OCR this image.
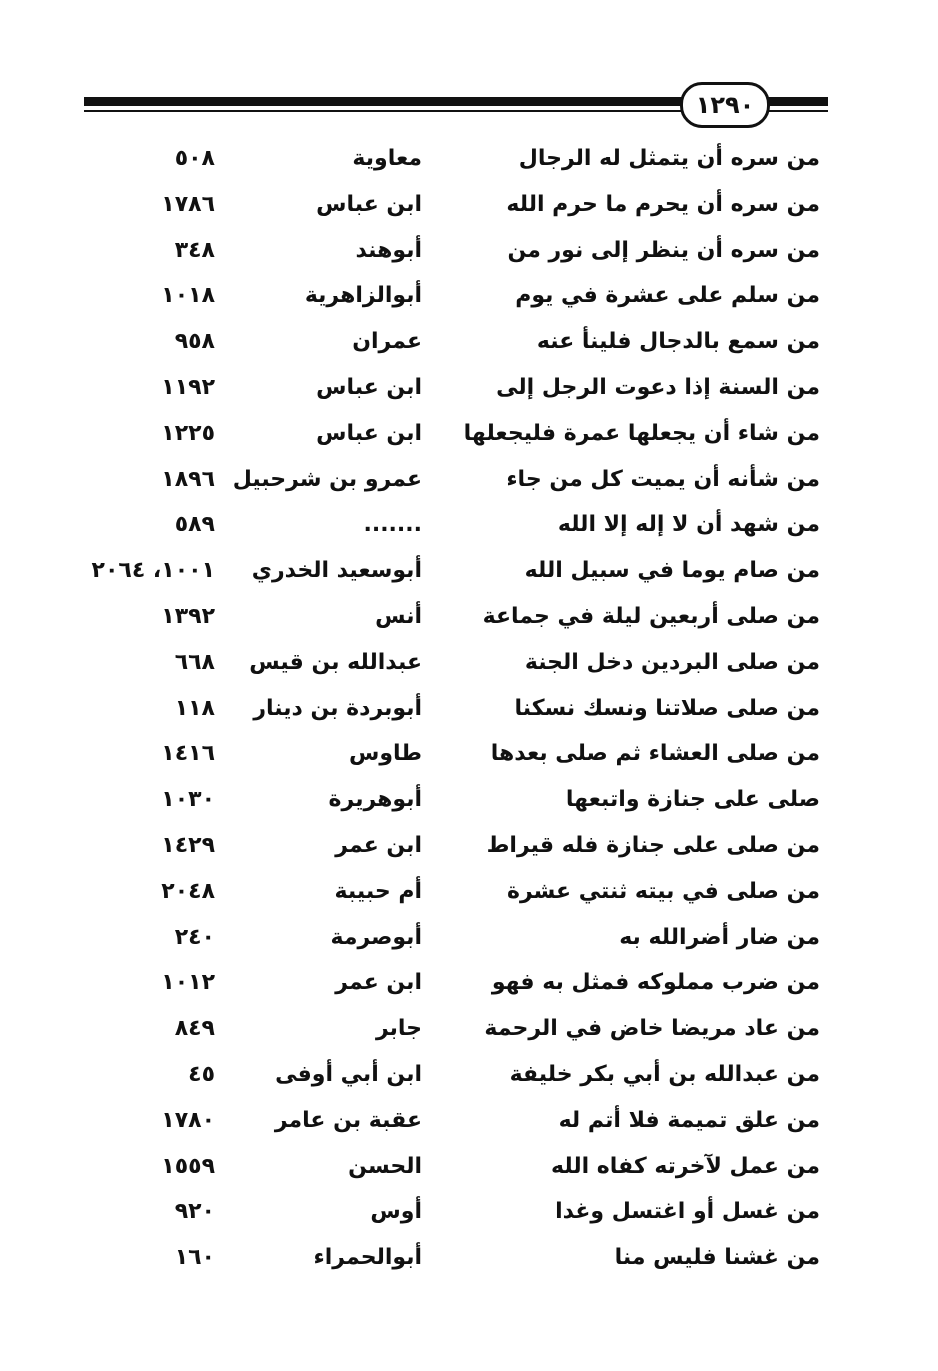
١٢٩٠
من سره أن يتمثل له الرجال
معاوية
٥٠٨
من سره أن يحرم ما حرم الله
ابن عباس
١٧٨٦
من سره أن ينظر إلى نور من
أبوهند
٣٤٨
من سلم على عشرة في يوم
أبوالزاهرية
١٠١٨
من سمع بالدجال فلينأ عنه
عمران
٩٥٨
من السنة إذا دعوت الرجل إلى
ابن عباس
١١٩٢
من شاء أن يجعلها عمرة فليجعلها
ابن عباس
١٢٢٥
من شأنه أن يميت كل من جاء
عمرو بن شرحبيل
١٨٩٦
من شهد أن لا إله إلا الله
.......
٥٨٩
من صام يوما في سبيل الله
أبوسعيد الخدري
١٠٠١، ٢٠٦٤
من صلى أربعين ليلة في جماعة
أنس
١٣٩٢
من صلى البردين دخل الجنة
عبدالله بن قيس
٦٦٨
من صلى صلاتنا ونسك نسكنا
أبوبردة بن دينار
١١٨
من صلى العشاء ثم صلى بعدها
طاوس
١٤١٦
صلى على جنازة واتبعها
أبوهريرة
١٠٣٠
من صلى على جنازة فله قيراط
ابن عمر
١٤٢٩
من صلى في بيته ثنتي عشرة
أم حبيبة
٢٠٤٨
من ضار أضرالله به
أبوصرمة
٢٤٠
من ضرب مملوكه فمثل به فهو
ابن عمر
١٠١٢
من عاد مريضا خاض في الرحمة
جابر
٨٤٩
من عبدالله بن أبي بكر خليفة
ابن أبي أوفى
٤٥
من علق تميمة فلا أتم له
عقبة بن عامر
١٧٨٠
من عمل لآخرته كفاه الله
الحسن
١٥٥٩
من غسل أو اغتسل وغدا
أوس
٩٢٠
من غشنا فليس منا
أبوالحمراء
١٦٠
